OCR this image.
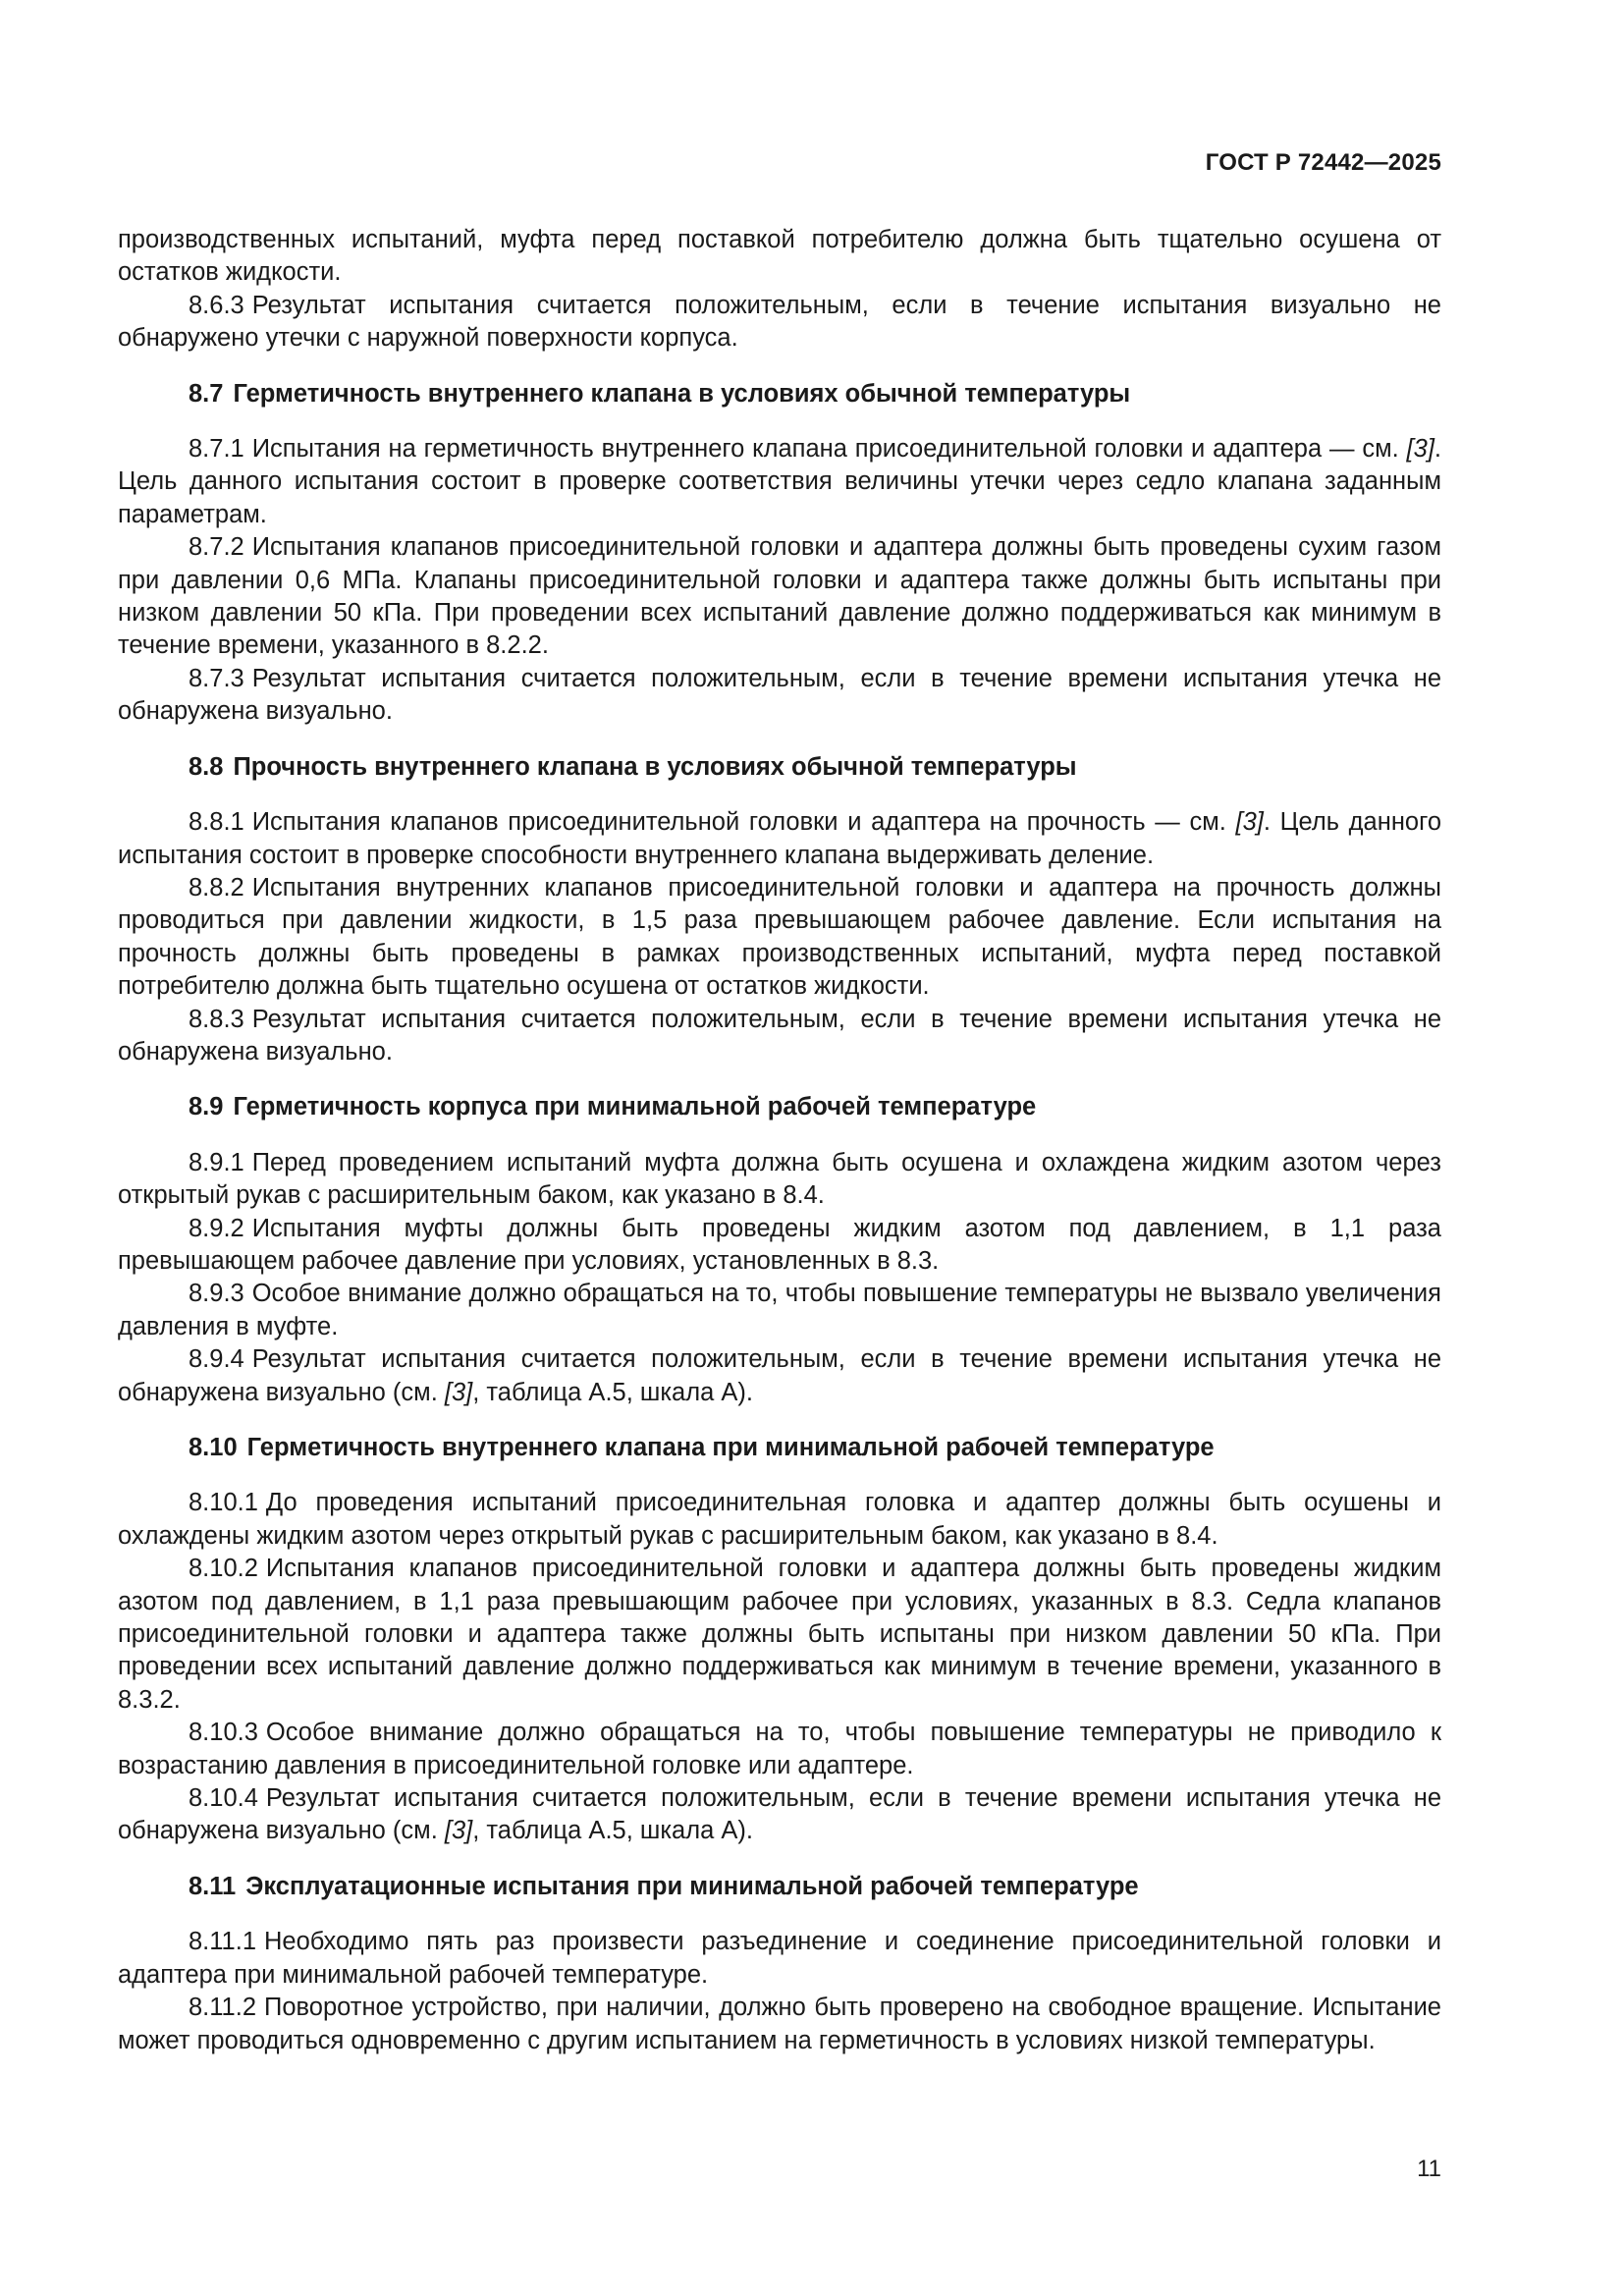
ГОСТ Р 72442—2025

производственных испытаний, муфта перед поставкой потребителю должна быть тщательно осушена от остатков жидкости.

8.6.3 Результат испытания считается положительным, если в течение испытания визуально не обнаружено утечки с наружной поверхности корпуса.

8.7 Герметичность внутреннего клапана в условиях обычной температуры

8.7.1 Испытания на герметичность внутреннего клапана присоединительной головки и адаптера — см. [3]. Цель данного испытания состоит в проверке соответствия величины утечки через седло клапана заданным параметрам.

8.7.2 Испытания клапанов присоединительной головки и адаптера должны быть проведены сухим газом при давлении 0,6 МПа. Клапаны присоединительной головки и адаптера также должны быть испытаны при низком давлении 50 кПа. При проведении всех испытаний давление должно поддерживаться как минимум в течение времени, указанного в 8.2.2.

8.7.3 Результат испытания считается положительным, если в течение времени испытания утечка не обнаружена визуально.

8.8 Прочность внутреннего клапана в условиях обычной температуры

8.8.1 Испытания клапанов присоединительной головки и адаптера на прочность — см. [3]. Цель данного испытания состоит в проверке способности внутреннего клапана выдерживать деление.

8.8.2 Испытания внутренних клапанов присоединительной головки и адаптера на прочность должны проводиться при давлении жидкости, в 1,5 раза превышающем рабочее давление. Если испытания на прочность должны быть проведены в рамках производственных испытаний, муфта перед поставкой потребителю должна быть тщательно осушена от остатков жидкости.

8.8.3 Результат испытания считается положительным, если в течение времени испытания утечка не обнаружена визуально.

8.9 Герметичность корпуса при минимальной рабочей температуре

8.9.1 Перед проведением испытаний муфта должна быть осушена и охлаждена жидким азотом через открытый рукав с расширительным баком, как указано в 8.4.

8.9.2 Испытания муфты должны быть проведены жидким азотом под давлением, в 1,1 раза превышающем рабочее давление при условиях, установленных в 8.3.

8.9.3 Особое внимание должно обращаться на то, чтобы повышение температуры не вызвало увеличения давления в муфте.

8.9.4 Результат испытания считается положительным, если в течение времени испытания утечка не обнаружена визуально (см. [3], таблица А.5, шкала А).

8.10 Герметичность внутреннего клапана при минимальной рабочей температуре

8.10.1 До проведения испытаний присоединительная головка и адаптер должны быть осушены и охлаждены жидким азотом через открытый рукав с расширительным баком, как указано в 8.4.

8.10.2 Испытания клапанов присоединительной головки и адаптера должны быть проведены жидким азотом под давлением, в 1,1 раза превышающим рабочее при условиях, указанных в 8.3. Седла клапанов присоединительной головки и адаптера также должны быть испытаны при низком давлении 50 кПа. При проведении всех испытаний давление должно поддерживаться как минимум в течение времени, указанного в 8.3.2.

8.10.3 Особое внимание должно обращаться на то, чтобы повышение температуры не приводило к возрастанию давления в присоединительной головке или адаптере.

8.10.4 Результат испытания считается положительным, если в течение времени испытания утечка не обнаружена визуально (см. [3], таблица А.5, шкала А).

8.11 Эксплуатационные испытания при минимальной рабочей температуре

8.11.1 Необходимо пять раз произвести разъединение и соединение присоединительной головки и адаптера при минимальной рабочей температуре.

8.11.2 Поворотное устройство, при наличии, должно быть проверено на свободное вращение. Испытание может проводиться одновременно с другим испытанием на герметичность в условиях низкой температуры.

11
